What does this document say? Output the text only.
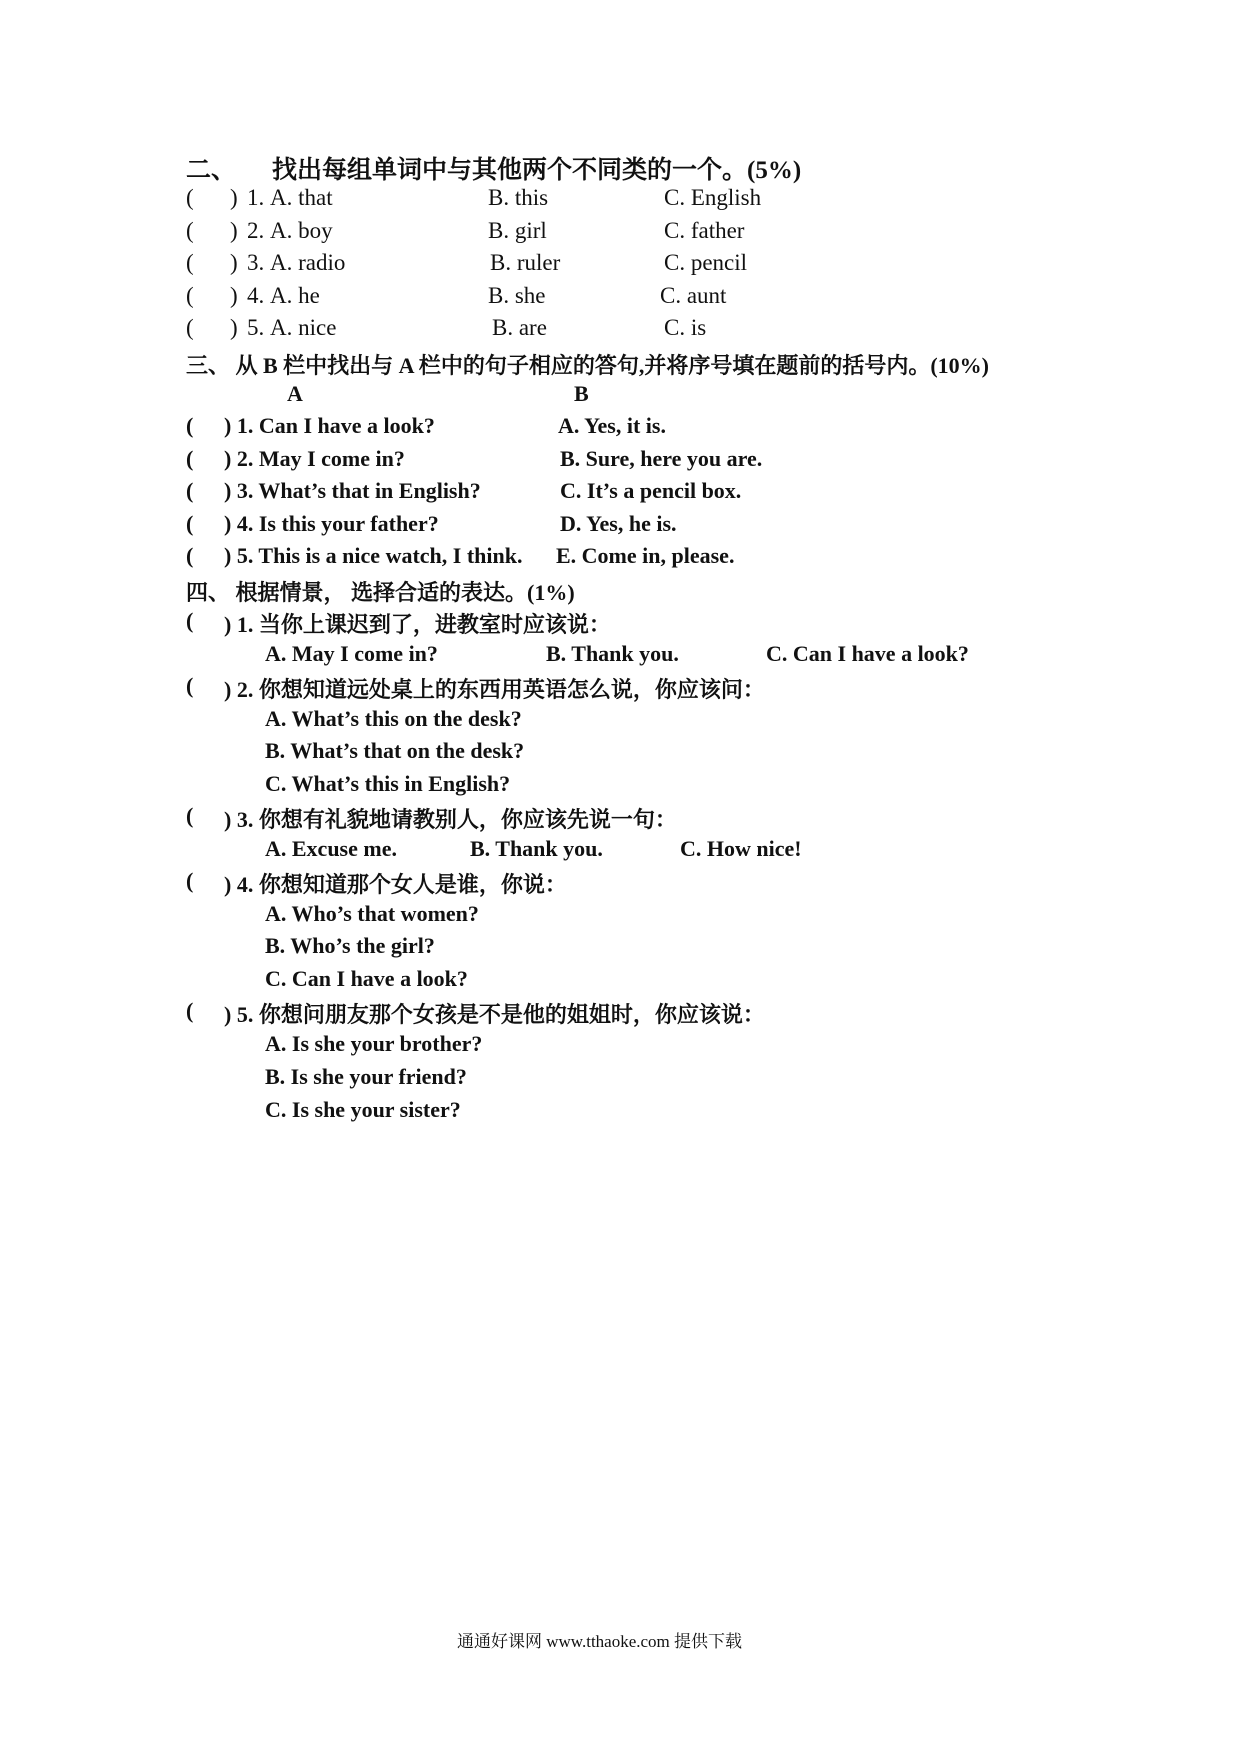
二、 找出每组单词中与其他两个不同类的一个。(5%)
( ) 1. A. that	B. this	C. English
( ) 2. A. boy	B. girl	C. father
( ) 3. A. radio	B. ruler	C. pencil
( ) 4. A. he	B. she	C. aunt
( ) 5. A. nice	B. are	C. is
三、 从 B 栏中找出与 A 栏中的句子相应的答句,并将序号填在题前的括号内。(10%)
A	B
( ) 1. Can I have a look?	A. Yes, it is.
( ) 2. May I come in?	B. Sure, here you are.
( ) 3. What’s that in English?	C. It’s a pencil box.
( ) 4. Is this your father?	D. Yes, he is.
( ) 5. This is a nice watch, I think. E. Come in, please.
四、 根据情景， 选择合适的表达。(1%)
( ) 1. 当你上课迟到了，进教室时应该说：
A. May I come in?	B. Thank you.	C. Can I have a look?
( ) 2. 你想知道远处桌上的东西用英语怎么说，你应该问：
A. What’s this on the desk?
B. What’s that on the desk?
C. What’s this in English?
( ) 3. 你想有礼貌地请教别人，你应该先说一句：
A. Excuse me.	B. Thank you.	C. How nice!
( ) 4. 你想知道那个女人是谁，你说：
A. Who’s that women?
B. Who’s the girl?
C. Can I have a look?
( ) 5. 你想问朋友那个女孩是不是他的姐姐时，你应该说：
A. Is she your brother?
B. Is she your friend?
C. Is she your sister?
通通好课网 www.tthaoke.com 提供下载
